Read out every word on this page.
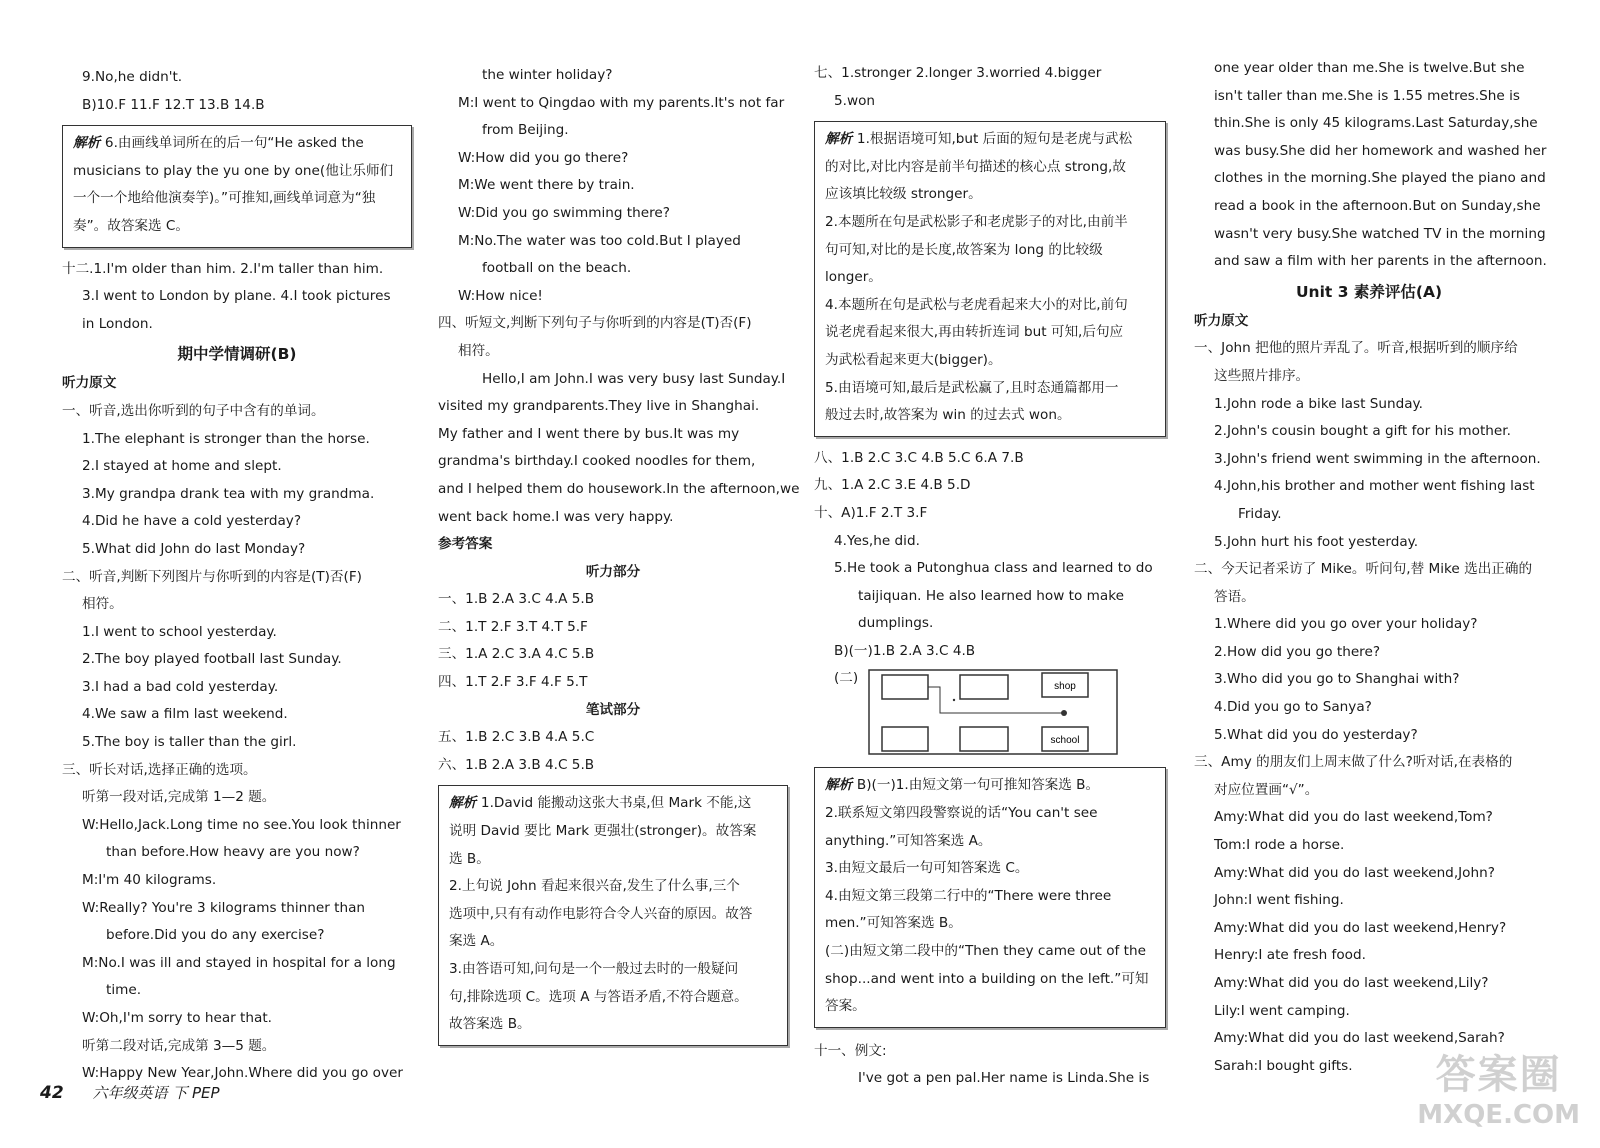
9.No,he didn't.
B)10.F 11.F 12.T 13.B 14.B
解析 6.由画线单词所在的后一句“He asked the
musicians to play the yu one by one(他让乐师们
一个一个地给他演奏竽)。”可推知,画线单词意为“独
奏”。故答案选 C。
十二.1.I'm older than him. 2.I'm taller than him.
3.I went to London by plane. 4.I took pictures
in London.
期中学情调研(B)
听力原文
一、听音,选出你听到的句子中含有的单词。
1.The elephant is stronger than the horse.
2.I stayed at home and slept.
3.My grandpa drank tea with my grandma.
4.Did he have a cold yesterday?
5.What did John do last Monday?
二、听音,判断下列图片与你听到的内容是(T)否(F)
相符。
1.I went to school yesterday.
2.The boy played football last Sunday.
3.I had a bad cold yesterday.
4.We saw a film last weekend.
5.The boy is taller than the girl.
三、听长对话,选择正确的选项。
听第一段对话,完成第 1—2 题。
W:Hello,Jack.Long time no see.You look thinner
than before.How heavy are you now?
M:I'm 40 kilograms.
W:Really? You're 3 kilograms thinner than
before.Did you do any exercise?
M:No.I was ill and stayed in hospital for a long
time.
W:Oh,I'm sorry to hear that.
听第二段对话,完成第 3—5 题。
W:Happy New Year,John.Where did you go over
the winter holiday?
M:I went to Qingdao with my parents.It's not far
from Beijing.
W:How did you go there?
M:We went there by train.
W:Did you go swimming there?
M:No.The water was too cold.But I played
football on the beach.
W:How nice!
四、听短文,判断下列句子与你听到的内容是(T)否(F)
相符。
Hello,I am John.I was very busy last Sunday.I
visited my grandparents.They live in Shanghai.
My father and I went there by bus.It was my
grandma's birthday.I cooked noodles for them,
and I helped them do housework.In the afternoon,we
went back home.I was very happy.
参考答案
听力部分
一、1.B 2.A 3.C 4.A 5.B
二、1.T 2.F 3.T 4.T 5.F
三、1.A 2.C 3.A 4.C 5.B
四、1.T 2.F 3.F 4.F 5.T
笔试部分
五、1.B 2.C 3.B 4.A 5.C
六、1.B 2.A 3.B 4.C 5.B
解析 1.David 能搬动这张大书桌,但 Mark 不能,这
说明 David 要比 Mark 更强壮(stronger)。故答案
选 B。
2.上句说 John 看起来很兴奋,发生了什么事,三个
选项中,只有有动作电影符合令人兴奋的原因。故答
案选 A。
3.由答语可知,问句是一个一般过去时的一般疑问
句,排除选项 C。选项 A 与答语矛盾,不符合题意。
故答案选 B。
七、1.stronger 2.longer 3.worried 4.bigger
5.won
解析 1.根据语境可知,but 后面的短句是老虎与武松
的对比,对比内容是前半句描述的核心点 strong,故
应该填比较级 stronger。
2.本题所在句是武松影子和老虎影子的对比,由前半
句可知,对比的是长度,故答案为 long 的比较级
longer。
4.本题所在句是武松与老虎看起来大小的对比,前句
说老虎看起来很大,再由转折连词 but 可知,后句应
为武松看起来更大(bigger)。
5.由语境可知,最后是武松赢了,且时态通篇都用一
般过去时,故答案为 win 的过去式 won。
八、1.B 2.C 3.C 4.B 5.C 6.A 7.B
九、1.A 2.C 3.E 4.B 5.D
十、A)1.F 2.T 3.F
4.Yes,he did.
5.He took a Putonghua class and learned to do
taijiquan. He also learned how to make
dumplings.
B)(一)1.B 2.A 3.C 4.B
(二)
shop
school
解析 B)(一)1.由短文第一句可推知答案选 B。
2.联系短文第四段警察说的话“You can't see
anything.”可知答案选 A。
3.由短文最后一句可知答案选 C。
4.由短文第三段第二行中的“There were three
men.”可知答案选 B。
(二)由短文第二段中的“Then they came out of the
shop...and went into a building on the left.”可知
答案。
十一、例文:
I've got a pen pal.Her name is Linda.She is
one year older than me.She is twelve.But she
isn't taller than me.She is 1.55 metres.She is
thin.She is only 45 kilograms.Last Saturday,she
was busy.She did her homework and washed her
clothes in the morning.She played the piano and
read a book in the afternoon.But on Sunday,she
wasn't very busy.She watched TV in the morning
and saw a film with her parents in the afternoon.
Unit 3 素养评估(A)
听力原文
一、John 把他的照片弄乱了。听音,根据听到的顺序给
这些照片排序。
1.John rode a bike last Sunday.
2.John's cousin bought a gift for his mother.
3.John's friend went swimming in the afternoon.
4.John,his brother and mother went fishing last
Friday.
5.John hurt his foot yesterday.
二、今天记者采访了 Mike。听问句,替 Mike 选出正确的
答语。
1.Where did you go over your holiday?
2.How did you go there?
3.Who did you go to Shanghai with?
4.Did you go to Sanya?
5.What did you do yesterday?
三、Amy 的朋友们上周末做了什么?听对话,在表格的
对应位置画“√”。
Amy:What did you do last weekend,Tom?
Tom:I rode a horse.
Amy:What did you do last weekend,John?
John:I went fishing.
Amy:What did you do last weekend,Henry?
Henry:I ate fresh food.
Amy:What did you do last weekend,Lily?
Lily:I went camping.
Amy:What did you do last weekend,Sarah?
Sarah:I bought gifts.
42 六年级英语 下 PEP	答案圈
MXQE.COM
